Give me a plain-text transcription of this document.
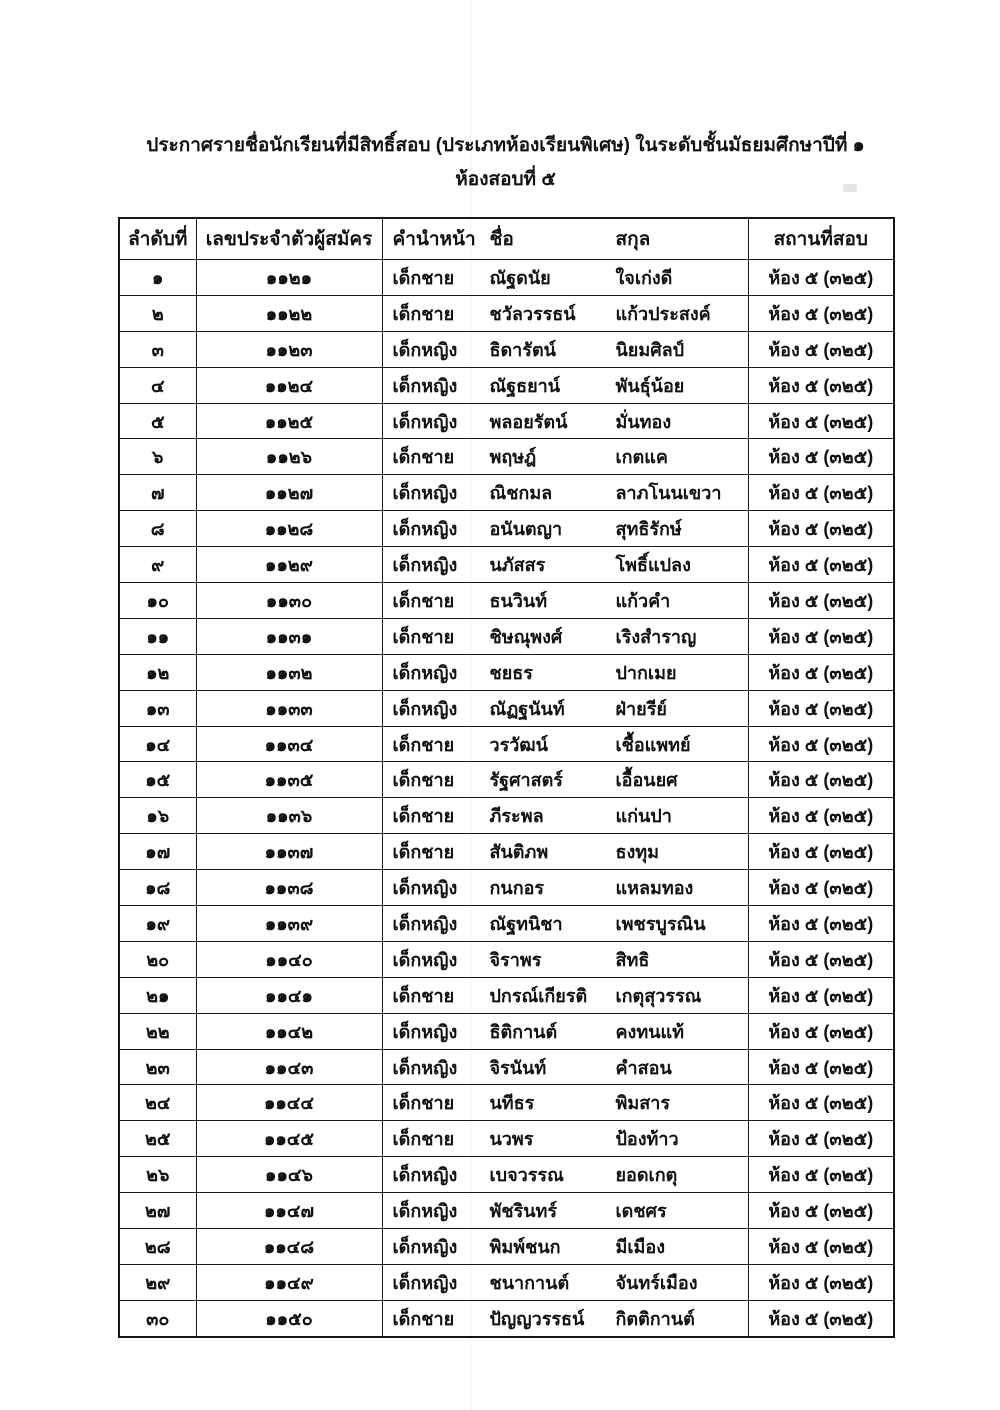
ประกาศรายชื่อนักเรียนที่มีสิทธิ์สอบ (ประเภทห้องเรียนพิเศษ) ในระดับชั้นมัธยมศึกษาปีที่ ๑
ห้องสอบที่ ๕
ลำดับที่	เลขประจำตัวผู้สมัคร	คำนำหน้า ชื่อ สกุล	สถานที่สอบ
๑	๑๑๒๑	เด็กชาย ณัฐดนัย ใจเก่งดี	ห้อง ๕ (๓๒๕)
๒	๑๑๒๒	เด็กชาย ชวัลวรรธน์ แก้วประสงค์	ห้อง ๕ (๓๒๕)
๓	๑๑๒๓	เด็กหญิง ธิดารัตน์ นิยมศิลป์	ห้อง ๕ (๓๒๕)
๔	๑๑๒๔	เด็กหญิง ณัฐธยาน์ พันธุ์น้อย	ห้อง ๕ (๓๒๕)
๕	๑๑๒๕	เด็กหญิง พลอยรัตน์ มั่นทอง	ห้อง ๕ (๓๒๕)
๖	๑๑๒๖	เด็กชาย พฤษฎ์ เกตแค	ห้อง ๕ (๓๒๕)
๗	๑๑๒๗	เด็กหญิง ณิชกมล ลาภโนนเขวา	ห้อง ๕ (๓๒๕)
๘	๑๑๒๘	เด็กหญิง อนันตญา สุทธิรักษ์	ห้อง ๕ (๓๒๕)
๙	๑๑๒๙	เด็กหญิง นภัสสร โพธิ์แปลง	ห้อง ๕ (๓๒๕)
๑๐	๑๑๓๐	เด็กชาย ธนวินท์ แก้วคำ	ห้อง ๕ (๓๒๕)
๑๑	๑๑๓๑	เด็กชาย ชิษณุพงศ์ เริงสำราญ	ห้อง ๕ (๓๒๕)
๑๒	๑๑๓๒	เด็กหญิง ชยธร ปากเมย	ห้อง ๕ (๓๒๕)
๑๓	๑๑๓๓	เด็กหญิง ณัฏฐนันท์ ฝ่ายรีย์	ห้อง ๕ (๓๒๕)
๑๔	๑๑๓๔	เด็กชาย วรวัฒน์ เชื้อแพทย์	ห้อง ๕ (๓๒๕)
๑๕	๑๑๓๕	เด็กชาย รัฐศาสตร์ เอื้อนยศ	ห้อง ๕ (๓๒๕)
๑๖	๑๑๓๖	เด็กชาย ภีระพล แก่นปา	ห้อง ๕ (๓๒๕)
๑๗	๑๑๓๗	เด็กชาย สันติภพ ธงทุม	ห้อง ๕ (๓๒๕)
๑๘	๑๑๓๘	เด็กหญิง กนกอร แหลมทอง	ห้อง ๕ (๓๒๕)
๑๙	๑๑๓๙	เด็กหญิง ณัฐทนิชา เพชรบูรณิน	ห้อง ๕ (๓๒๕)
๒๐	๑๑๔๐	เด็กหญิง จิราพร สิทธิ	ห้อง ๕ (๓๒๕)
๒๑	๑๑๔๑	เด็กชาย ปกรณ์เกียรติ เกตุสุวรรณ	ห้อง ๕ (๓๒๕)
๒๒	๑๑๔๒	เด็กหญิง ธิติกานต์ คงทนแท้	ห้อง ๕ (๓๒๕)
๒๓	๑๑๔๓	เด็กหญิง จิรนันท์ คำสอน	ห้อง ๕ (๓๒๕)
๒๔	๑๑๔๔	เด็กชาย นทีธร พิมสาร	ห้อง ๕ (๓๒๕)
๒๕	๑๑๔๕	เด็กชาย นวพร ป้องท้าว	ห้อง ๕ (๓๒๕)
๒๖	๑๑๔๖	เด็กหญิง เบจวรรณ ยอดเกตุ	ห้อง ๕ (๓๒๕)
๒๗	๑๑๔๗	เด็กหญิง พัชรินทร์ เดชศร	ห้อง ๕ (๓๒๕)
๒๘	๑๑๔๘	เด็กหญิง พิมพ์ชนก มีเมือง	ห้อง ๕ (๓๒๕)
๒๙	๑๑๔๙	เด็กหญิง ชนากานต์ จันทร์เมือง	ห้อง ๕ (๓๒๕)
๓๐	๑๑๕๐	เด็กชาย ปัญญวรรธน์ กิตติกานต์	ห้อง ๕ (๓๒๕)
